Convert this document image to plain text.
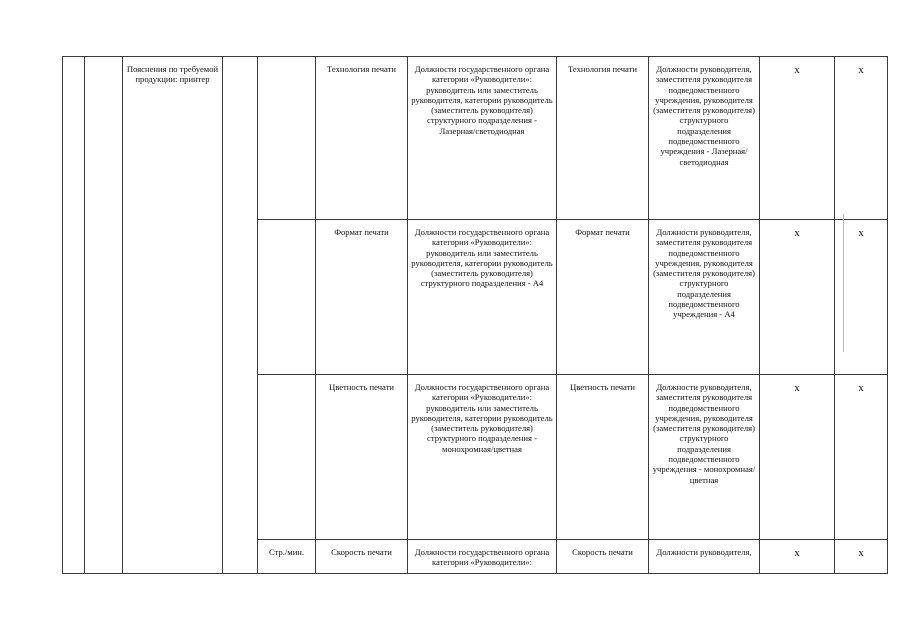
		Пояснения по требуемой продукции: принтер			Технология печати	Должности государственного органа категории «Руководители»: руководитель или заместитель руководителя, категории руководитель (заместитель руководителя) структурного подразделения - Лазерная/светодиодная	Технология печати	Должности руководителя, заместителя руководителя подведомственного учреждения, руководителя (заместителя руководителя) структурного подразделения подведомственного учреждения - Лазерная/светодиодная	x	x
					Формат печати	Должности государственного органа категории «Руководители»: руководитель или заместитель руководителя, категории руководитель (заместитель руководителя) структурного подразделения - А4	Формат печати	Должности руководителя, заместителя руководителя подведомственного учреждения, руководителя (заместителя руководителя) структурного подразделения подведомственного учреждения - А4	x	x
					Цветность печати	Должности государственного органа категории «Руководители»: руководитель или заместитель руководителя, категории руководитель (заместитель руководителя) структурного подразделения - монохромная/цветная	Цветность печати	Должности руководителя, заместителя руководителя подведомственного учреждения, руководителя (заместителя руководителя) структурного подразделения подведомственного учреждения - монохромная/цветная	x	x
				Стр./мин.	Скорость печати	Должности государственного органа категории «Руководители»:	Скорость печати	Должности руководителя,	x	x
